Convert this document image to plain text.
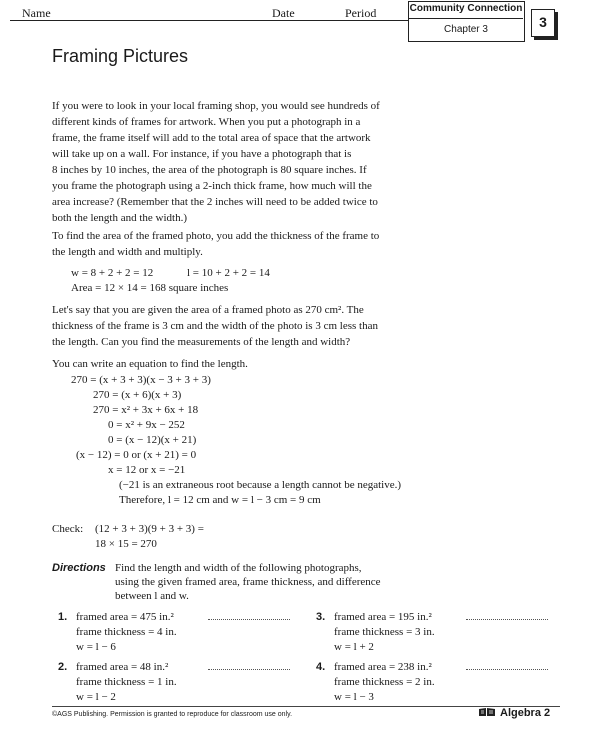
Name	Date	Period	Community Connection
Chapter 3	3
Framing Pictures
If you were to look in your local framing shop, you would see hundreds of
different kinds of frames for artwork. When you put a photograph in a
frame, the frame itself will add to the total area of space that the artwork
will take up on a wall. For instance, if you have a photograph that is
8 inches by 10 inches, the area of the photograph is 80 square inches. If
you frame the photograph using a 2-inch thick frame, how much will the
area increase? (Remember that the 2 inches will need to be added twice to
both the length and the width.)
To find the area of the framed photo, you add the thickness of the frame to
the length and width and multiply.
w = 8 + 2 + 2 = 12	l = 10 + 2 + 2 = 14
Area = 12 × 14 = 168 square inches
Let's say that you are given the area of a framed photo as 270 cm². The
thickness of the frame is 3 cm and the width of the photo is 3 cm less than
the length. Can you find the measurements of the length and width?
You can write an equation to find the length.
270 = (x + 3 + 3)(x − 3 + 3 + 3)
270 = (x + 6)(x + 3)
270 = x² + 3x + 6x + 18
0 = x² + 9x − 252
0 = (x − 12)(x + 21)
(x − 12) = 0 or (x + 21) = 0
x = 12 or x = −21
(−21 is an extraneous root because a length cannot be negative.)
Therefore, l = 12 cm and w = l − 3 cm = 9 cm
Check: (12 + 3 + 3)(9 + 3 + 3) =
18 × 15 = 270
Directions Find the length and width of the following photographs,
using the given framed area, frame thickness, and difference
between l and w.
1. framed area = 475 in.²
frame thickness = 4 in.
w = l − 6
3. framed area = 195 in.²
frame thickness = 3 in.
w = l + 2
2. framed area = 48 in.²
frame thickness = 1 in.
w = l − 2
4. framed area = 238 in.²
frame thickness = 2 in.
w = l − 3
©AGS Publishing. Permission is granted to reproduce for classroom use only.	Algebra 2
